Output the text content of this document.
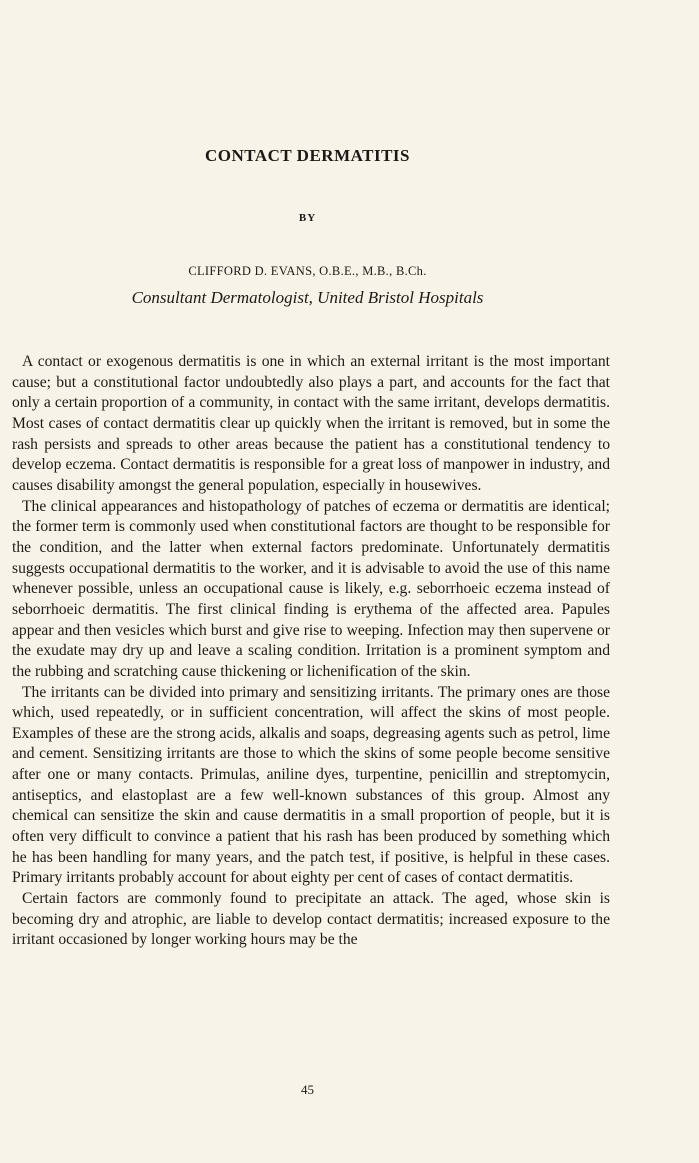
CONTACT DERMATITIS
BY
CLIFFORD D. EVANS, O.B.E., M.B., B.Ch.
Consultant Dermatologist, United Bristol Hospitals

A contact or exogenous dermatitis is one in which an external irritant is the most important cause; but a constitutional factor undoubtedly also plays a part, and accounts for the fact that only a certain proportion of a community, in contact with the same irritant, develops dermatitis. Most cases of contact dermatitis clear up quickly when the irritant is removed, but in some the rash persists and spreads to other areas because the patient has a constitutional tendency to develop eczema. Contact dermatitis is responsible for a great loss of manpower in industry, and causes disability amongst the general population, especially in housewives.

The clinical appearances and histopathology of patches of eczema or dermatitis are identical; the former term is commonly used when constitutional factors are thought to be responsible for the condition, and the latter when external factors predominate. Unfortunately dermatitis suggests occupational dermatitis to the worker, and it is advisable to avoid the use of this name whenever possible, unless an occupational cause is likely, e.g. seborrhoeic eczema instead of seborrhoeic dermatitis. The first clinical finding is erythema of the affected area. Papules appear and then vesicles which burst and give rise to weeping. Infection may then supervene or the exudate may dry up and leave a scaling condition. Irritation is a prominent symptom and the rubbing and scratching cause thickening or lichenification of the skin.

The irritants can be divided into primary and sensitizing irritants. The primary ones are those which, used repeatedly, or in sufficient concentration, will affect the skins of most people. Examples of these are the strong acids, alkalis and soaps, degreasing agents such as petrol, lime and cement. Sensitizing irritants are those to which the skins of some people become sensitive after one or many contacts. Primulas, aniline dyes, turpentine, penicillin and streptomycin, antiseptics, and elastoplast are a few well-known substances of this group. Almost any chemical can sensitize the skin and cause dermatitis in a small proportion of people, but it is often very difficult to convince a patient that his rash has been produced by something which he has been handling for many years, and the patch test, if positive, is helpful in these cases. Primary irritants probably account for about eighty per cent of cases of contact dermatitis.

Certain factors are commonly found to precipitate an attack. The aged, whose skin is becoming dry and atrophic, are liable to develop contact dermatitis; increased exposure to the irritant occasioned by longer working hours may be the

45
